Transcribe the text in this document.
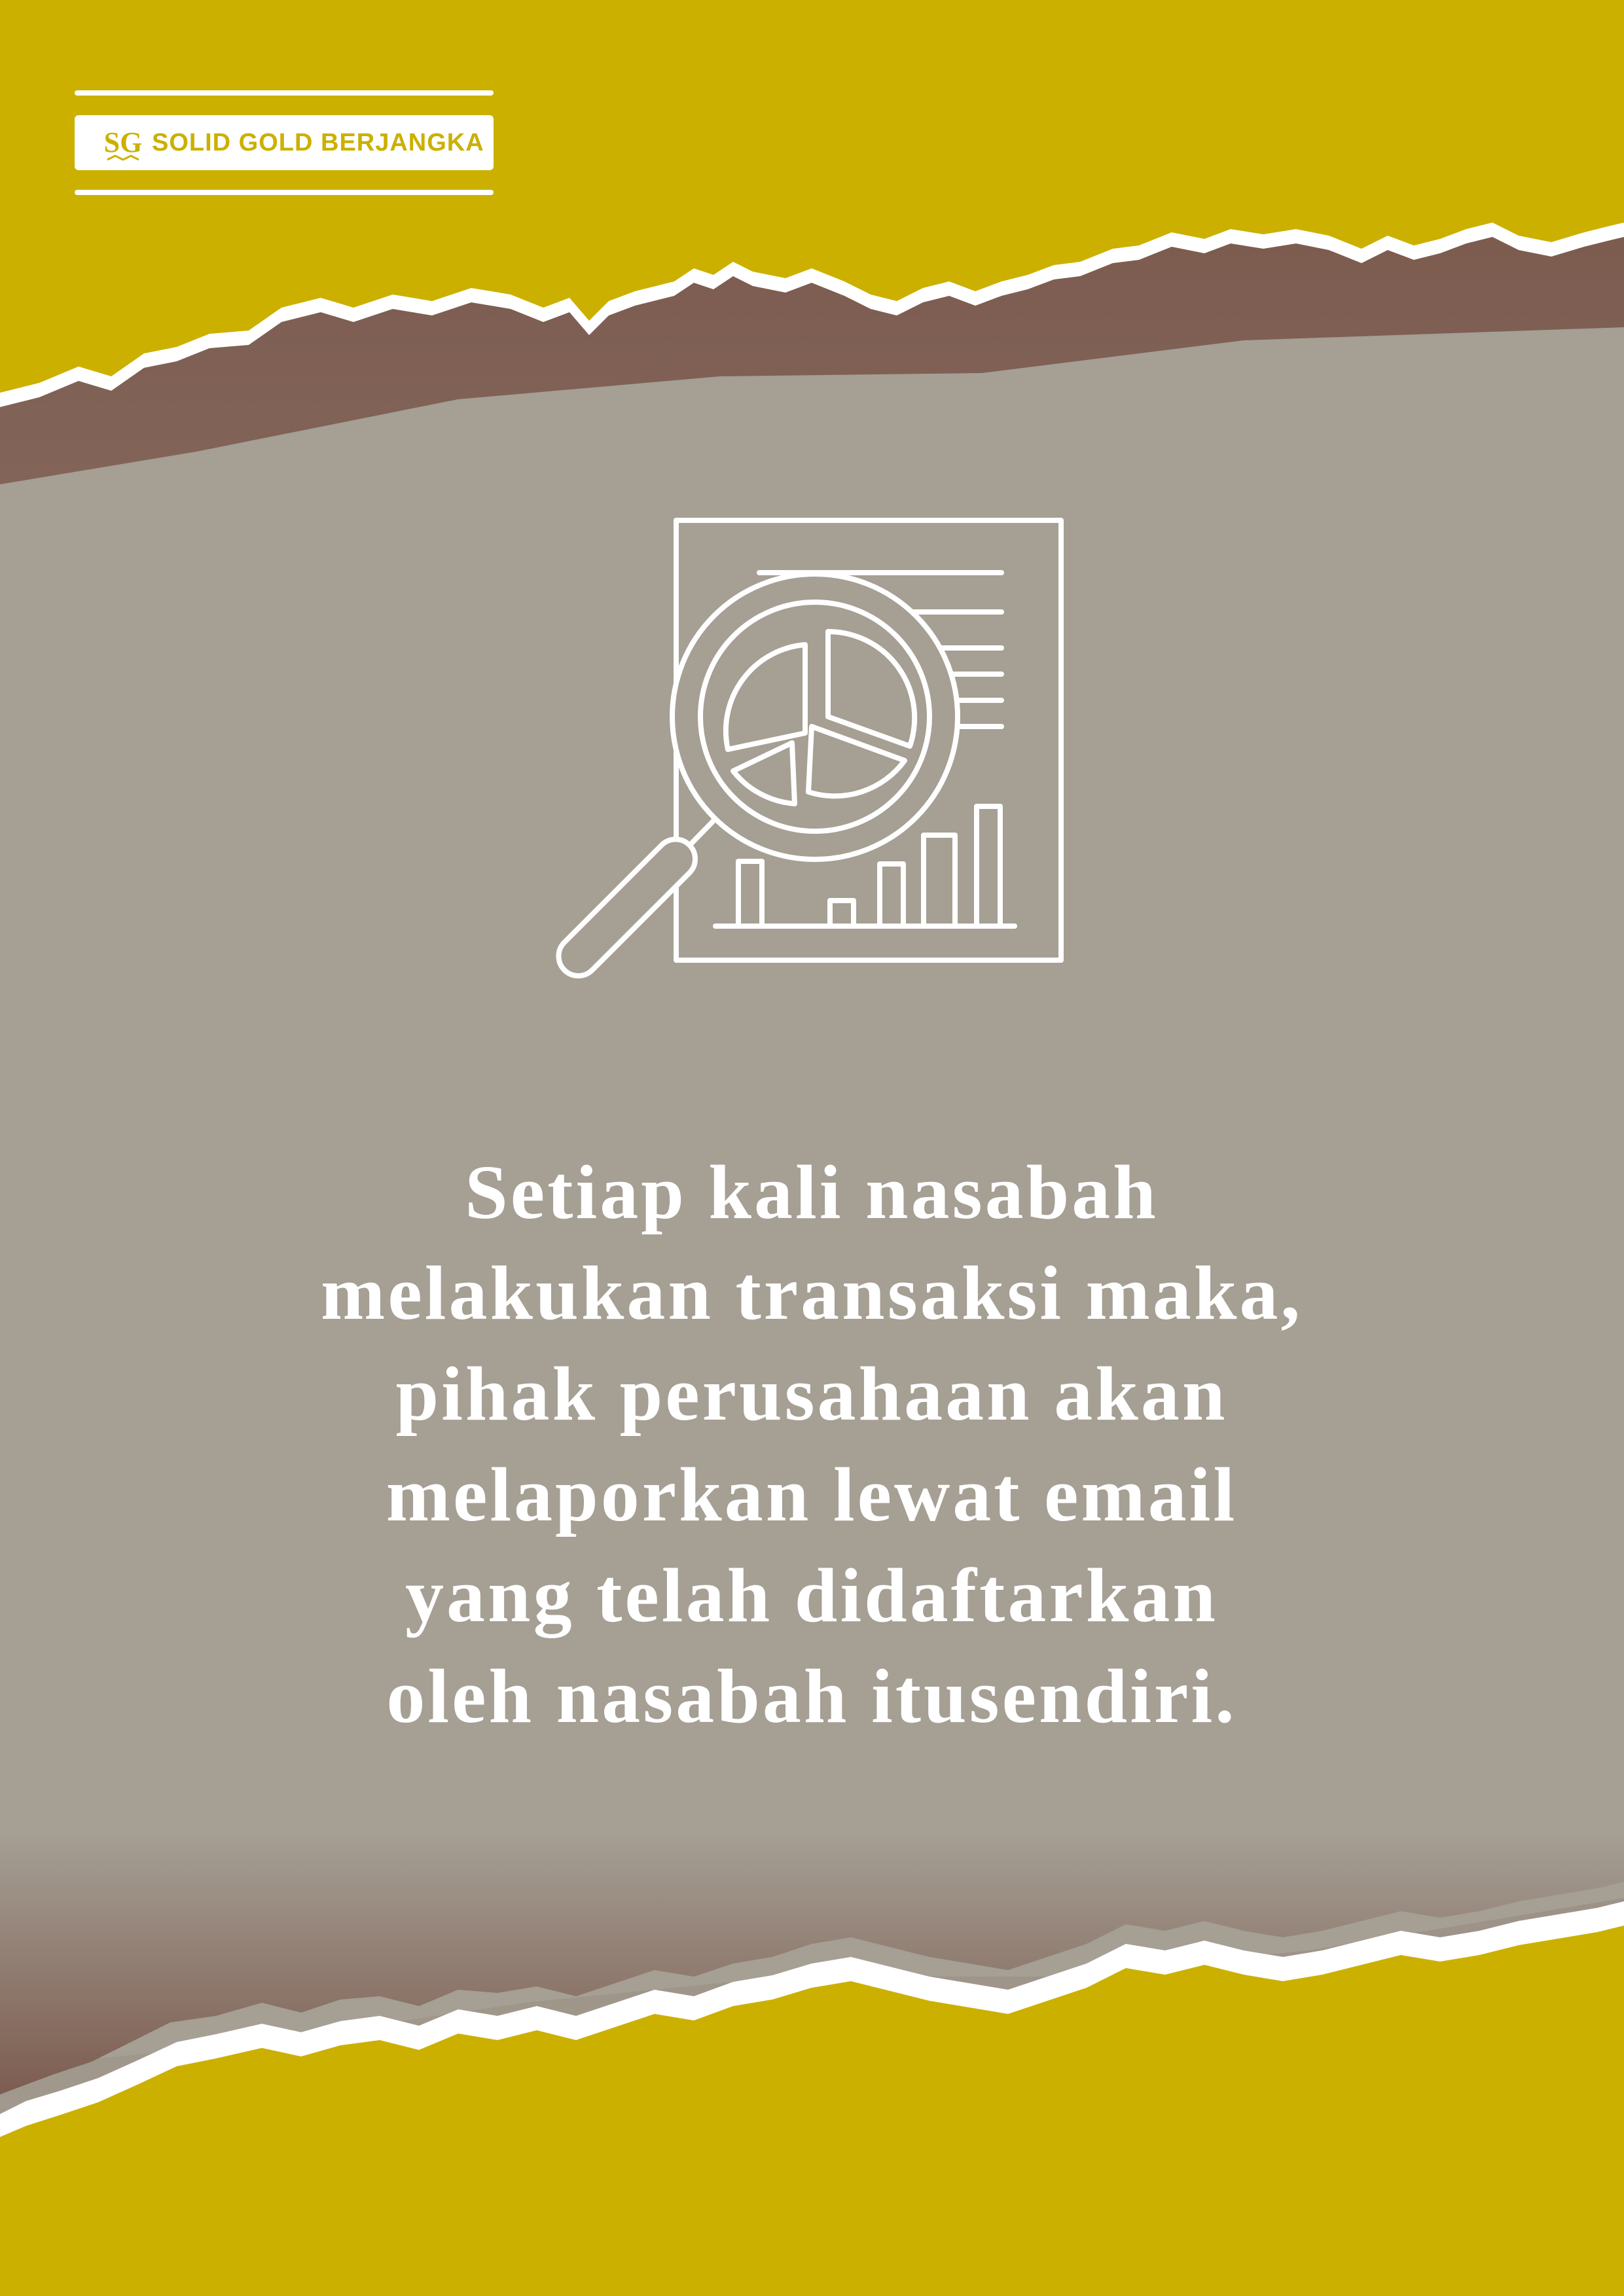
SG SOLID GOLD BERJANGKA
Setiap kali nasabah
melakukan transaksi maka,
pihak perusahaan akan
melaporkan lewat email
yang telah didaftarkan
oleh nasabah itusendiri.
